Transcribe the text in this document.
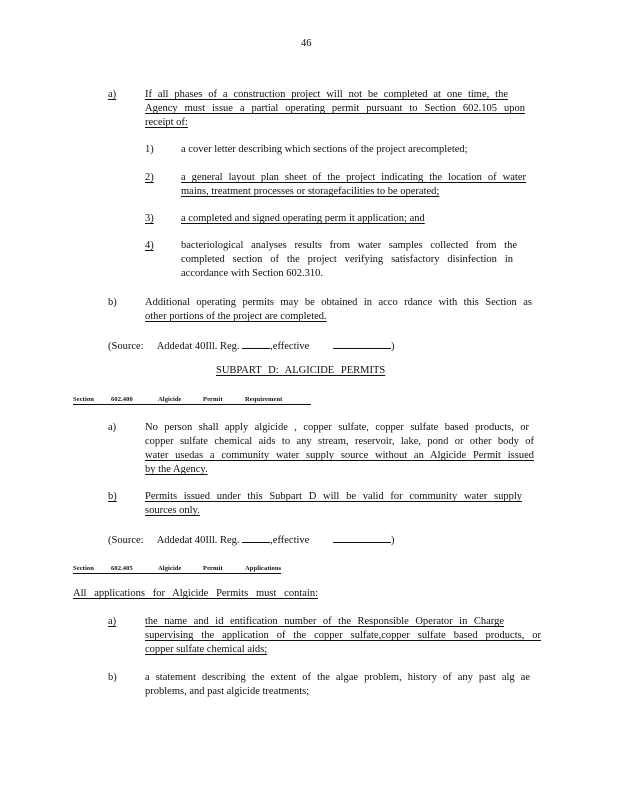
46
a)	If all phases of a construction project will not be completed at one time, the
Agency must issue a partial operating permit pursuant to Section 602.105 upon
receipt of:
1)	a cover letter describing which sections of the project arecompleted;
2)	a general layout plan sheet of the project indicating the location of water
mains, treatment processes or storagefacilities to be operated;
3)	a completed and signed operating perm it application; and
4)	bacteriological analyses results from water samples collected from the
completed section of the project verifying satisfactory disinfection in
accordance with Section 602.310.
b)	Additional operating permits may be obtained in acco rdance with this Section as
other portions of the project are completed.
(Source: Addedat 40Ill. Reg.	,effective	)
SUBPART D: ALGICIDE PERMITS
Section	602.400	Algicide	Permit	Requirement
a)	No person shall apply algicide , copper sulfate, copper sulfate based products, or
copper sulfate chemical aids to any stream, reservoir, lake, pond or other body of
water usedas a community water supply source without an Algicide Permit issued
by the Agency.
b)	Permits issued under this Subpart D will be valid for community water supply
sources only.
(Source: Addedat 40Ill. Reg.	,effective	)
Section	602.405	Algicide	Permit	Applications
All applications for Algicide Permits must contain:
a)	the name and id entification number of the Responsible Operator in Charge
supervising the application of the copper sulfate,copper sulfate based products, or
copper sulfate chemical aids;
b)	a statement describing the extent of the algae problem, history of any past alg ae
problems, and past algicide treatments;
